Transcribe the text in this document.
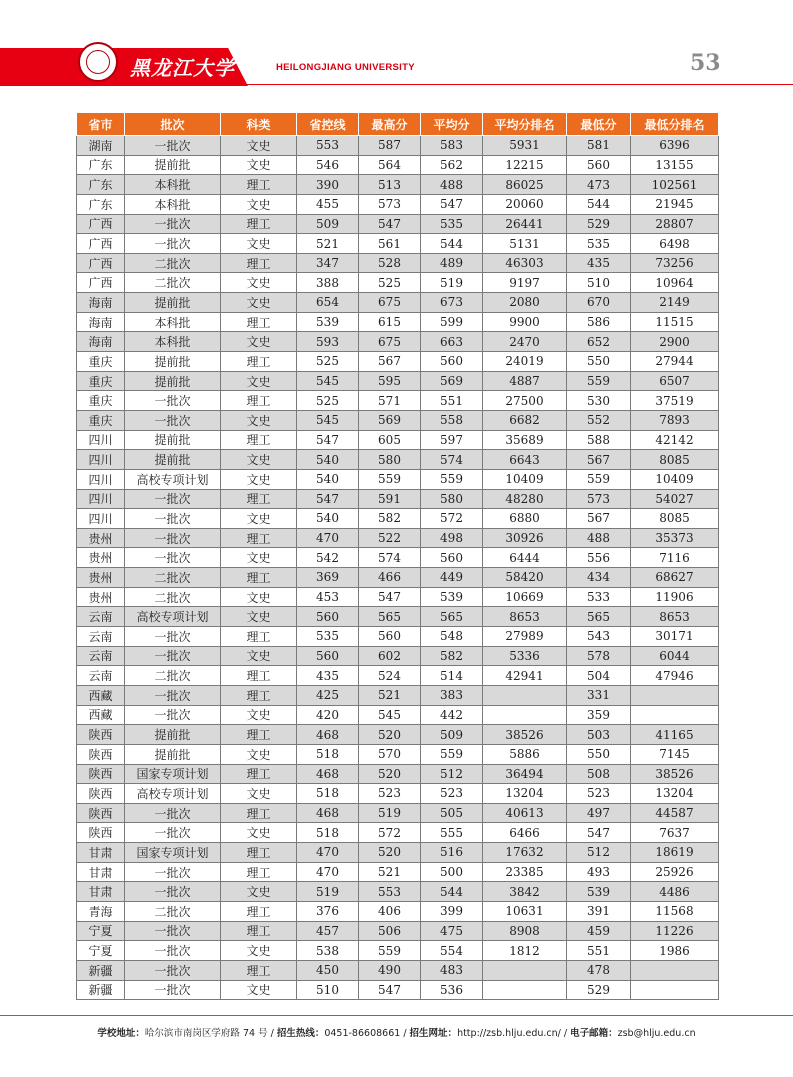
黑龙江大学	HEILONGJIANG UNIVERSITY	53
省市	批次	科类	省控线	最高分	平均分	平均分排名	最低分	最低分排名
湖南	一批次	文史	553	587	583	5931	581	6396
广东	提前批	文史	546	564	562	12215	560	13155
广东	本科批	理工	390	513	488	86025	473	102561
广东	本科批	文史	455	573	547	20060	544	21945
广西	一批次	理工	509	547	535	26441	529	28807
广西	一批次	文史	521	561	544	5131	535	6498
广西	二批次	理工	347	528	489	46303	435	73256
广西	二批次	文史	388	525	519	9197	510	10964
海南	提前批	文史	654	675	673	2080	670	2149
海南	本科批	理工	539	615	599	9900	586	11515
海南	本科批	文史	593	675	663	2470	652	2900
重庆	提前批	理工	525	567	560	24019	550	27944
重庆	提前批	文史	545	595	569	4887	559	6507
重庆	一批次	理工	525	571	551	27500	530	37519
重庆	一批次	文史	545	569	558	6682	552	7893
四川	提前批	理工	547	605	597	35689	588	42142
四川	提前批	文史	540	580	574	6643	567	8085
四川	高校专项计划	文史	540	559	559	10409	559	10409
四川	一批次	理工	547	591	580	48280	573	54027
四川	一批次	文史	540	582	572	6880	567	8085
贵州	一批次	理工	470	522	498	30926	488	35373
贵州	一批次	文史	542	574	560	6444	556	7116
贵州	二批次	理工	369	466	449	58420	434	68627
贵州	二批次	文史	453	547	539	10669	533	11906
云南	高校专项计划	文史	560	565	565	8653	565	8653
云南	一批次	理工	535	560	548	27989	543	30171
云南	一批次	文史	560	602	582	5336	578	6044
云南	二批次	理工	435	524	514	42941	504	47946
西藏	一批次	理工	425	521	383		331	
西藏	一批次	文史	420	545	442		359	
陕西	提前批	理工	468	520	509	38526	503	41165
陕西	提前批	文史	518	570	559	5886	550	7145
陕西	国家专项计划	理工	468	520	512	36494	508	38526
陕西	高校专项计划	文史	518	523	523	13204	523	13204
陕西	一批次	理工	468	519	505	40613	497	44587
陕西	一批次	文史	518	572	555	6466	547	7637
甘肃	国家专项计划	理工	470	520	516	17632	512	18619
甘肃	一批次	理工	470	521	500	23385	493	25926
甘肃	一批次	文史	519	553	544	3842	539	4486
青海	二批次	理工	376	406	399	10631	391	11568
宁夏	一批次	理工	457	506	475	8908	459	11226
宁夏	一批次	文史	538	559	554	1812	551	1986
新疆	一批次	理工	450	490	483		478	
新疆	一批次	文史	510	547	536		529	
学校地址：哈尔滨市南岗区学府路 74 号 / 招生热线：0451-86608661 / 招生网址：http://zsb.hlju.edu.cn/ / 电子邮箱：zsb@hlju.edu.cn
